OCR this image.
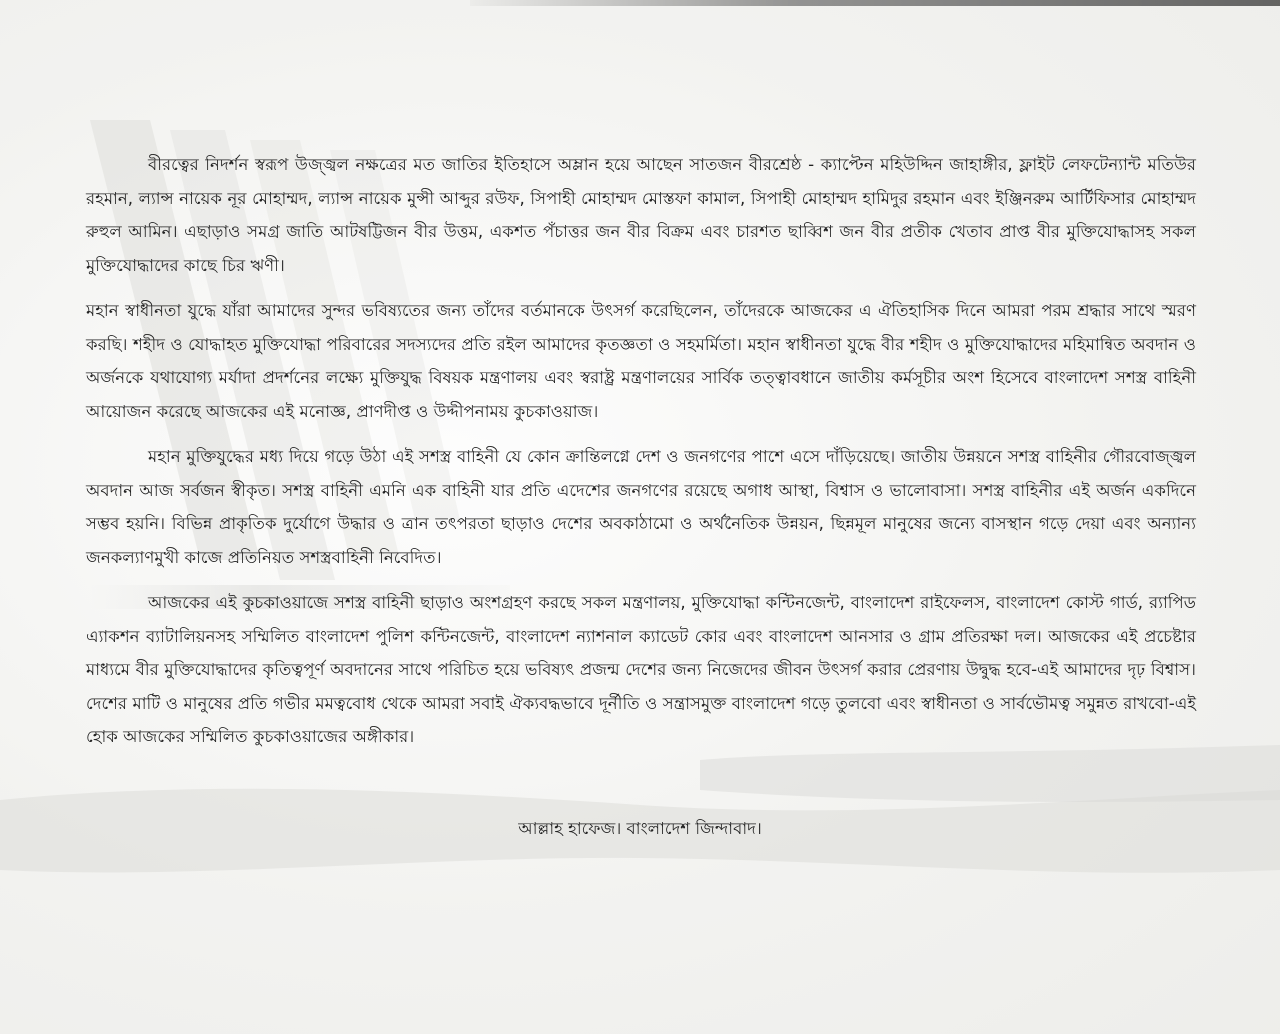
বীরত্বের নিদর্শন স্বরূপ উজ্জ্বল নক্ষত্রের মত জাতির ইতিহাসে অম্লান হয়ে আছেন সাতজন বীরশ্রেষ্ঠ - ক্যাপ্টেন মহিউদ্দিন জাহাঙ্গীর, ফ্লাইট লেফটেন্যান্ট মতিউর রহমান, ল্যান্স নায়েক নূর মোহাম্মদ, ল্যান্স নায়েক মুন্সী আব্দুর রউফ, সিপাহী মোহাম্মদ মোস্তফা কামাল, সিপাহী মোহাম্মদ হামিদুর রহমান এবং ইঞ্জিনরুম আর্টিফিসার মোহাম্মদ রুহুল আমিন। এছাড়াও সমগ্র জাতি আটষট্টিজন বীর উত্তম, একশত পঁচাত্তর জন বীর বিক্রম এবং চারশত ছাব্বিশ জন বীর প্রতীক খেতাব প্রাপ্ত বীর মুক্তিযোদ্ধাসহ সকল মুক্তিযোদ্ধাদের কাছে চির ঋণী।

মহান স্বাধীনতা যুদ্ধে যাঁরা আমাদের সুন্দর ভবিষ্যতের জন্য তাঁদের বর্তমানকে উৎসর্গ করেছিলেন, তাঁদেরকে আজকের এ ঐতিহাসিক দিনে আমরা পরম শ্রদ্ধার সাথে স্মরণ করছি। শহীদ ও যোদ্ধাহত মুক্তিযোদ্ধা পরিবারের সদস্যদের প্রতি রইল আমাদের কৃতজ্ঞতা ও সহমর্মিতা। মহান স্বাধীনতা যুদ্ধে বীর শহীদ ও মুক্তিযোদ্ধাদের মহিমান্বিত অবদান ও অর্জনকে যথাযোগ্য মর্যাদা প্রদর্শনের লক্ষ্যে মুক্তিযুদ্ধ বিষয়ক মন্ত্রণালয় এবং স্বরাষ্ট্র মন্ত্রণালয়ের সার্বিক তত্ত্বাবধানে জাতীয় কর্মসূচীর অংশ হিসেবে বাংলাদেশ সশস্ত্র বাহিনী আয়োজন করেছে আজকের এই মনোজ্ঞ, প্রাণদীপ্ত ও উদ্দীপনাময় কুচকাওয়াজ।

মহান মুক্তিযুদ্ধের মধ্য দিয়ে গড়ে উঠা এই সশস্ত্র বাহিনী যে কোন ক্রান্তিলগ্নে দেশ ও জনগণের পাশে এসে দাঁড়িয়েছে। জাতীয় উন্নয়নে সশস্ত্র বাহিনীর গৌরবোজ্জ্বল অবদান আজ সর্বজন স্বীকৃত। সশস্ত্র বাহিনী এমনি এক বাহিনী যার প্রতি এদেশের জনগণের রয়েছে অগাধ আস্থা, বিশ্বাস ও ভালোবাসা। সশস্ত্র বাহিনীর এই অর্জন একদিনে সম্ভব হয়নি। বিভিন্ন প্রাকৃতিক দুর্যোগে উদ্ধার ও ত্রান তৎপরতা ছাড়াও দেশের অবকাঠামো ও অর্থনৈতিক উন্নয়ন, ছিন্নমূল মানুষের জন্যে বাসস্থান গড়ে দেয়া এবং অন্যান্য জনকল্যাণমুখী কাজে প্রতিনিয়ত সশস্ত্রবাহিনী নিবেদিত।

আজকের এই কুচকাওয়াজে সশস্ত্র বাহিনী ছাড়াও অংশগ্রহণ করছে সকল মন্ত্রণালয়, মুক্তিযোদ্ধা কন্টিনজেন্ট, বাংলাদেশ রাইফেলস, বাংলাদেশ কোস্ট গার্ড, র‍্যাপিড এ্যাকশন ব্যাটালিয়নসহ সম্মিলিত বাংলাদেশ পুলিশ কন্টিনজেন্ট, বাংলাদেশ ন্যাশনাল ক্যাডেট কোর এবং বাংলাদেশ আনসার ও গ্রাম প্রতিরক্ষা দল। আজকের এই প্রচেষ্টার মাধ্যমে বীর মুক্তিযোদ্ধাদের কৃতিত্বপূর্ণ অবদানের সাথে পরিচিত হয়ে ভবিষ্যৎ প্রজন্ম দেশের জন্য নিজেদের জীবন উৎসর্গ করার প্রেরণায় উদ্বুদ্ধ হবে-এই আমাদের দৃঢ় বিশ্বাস। দেশের মাটি ও মানুষের প্রতি গভীর মমত্ববোধ থেকে আমরা সবাই ঐক্যবদ্ধভাবে দূর্নীতি ও সন্ত্রাসমুক্ত বাংলাদেশ গড়ে তুলবো এবং স্বাধীনতা ও সার্বভৌমত্ব সমুন্নত রাখবো-এই হোক আজকের সম্মিলিত কুচকাওয়াজের অঙ্গীকার।

আল্লাহ হাফেজ। বাংলাদেশ জিন্দাবাদ।
